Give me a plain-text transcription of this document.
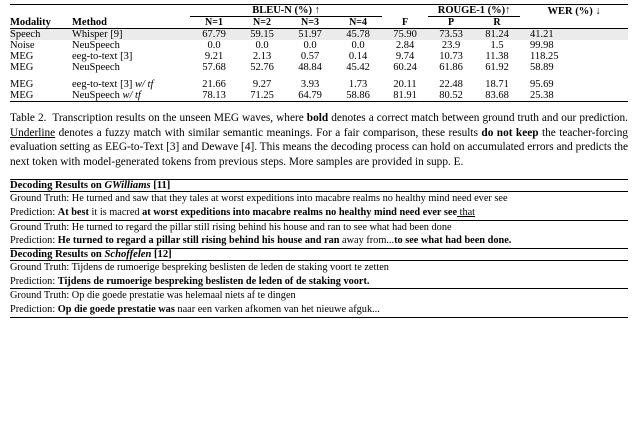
		BLEU-N (%) ↑					ROUGE-1 (%)↑		WER (%) ↓
Modality	Method	N=1	N=2	N=3	N=4	F	P	R	
Speech	Whisper [9]	67.79	59.15	51.97	45.78	75.90	73.53	81.24	41.21
Noise	NeuSpeech	0.0	0.0	0.0	0.0	2.84	23.9	1.5	99.98
MEG	eeg-to-text [3]	9.21	2.13	0.57	0.14	9.74	10.73	11.38	118.25
MEG	NeuSpeech	57.68	52.76	48.84	45.42	60.24	61.86	61.92	58.89

MEG	eeg-to-text [3] w/ tf	21.66	9.27	3.93	1.73	20.11	22.48	18.71	95.69
MEG	NeuSpeech w/ tf	78.13	71.25	64.79	58.86	81.91	80.52	83.68	25.38
Table 2. Transcription results on the unseen MEG waves, where bold denotes a correct match between ground truth and our prediction. Underline denotes a fuzzy match with similar semantic meanings. For a fair comparison, these results do not keep the teacher-forcing evaluation setting as EEG-to-Text [3] and Dewave [4]. This means the decoding process can hold on accumulated errors and predicts the next token with model-generated tokens from previous steps. More samples are provided in supp. E.
Decoding Results on GWilliams [11]

Ground Truth: He turned and saw that they tales at worst expeditions into macabre realms no healthy mind need ever see
Prediction: At best it is macred at worst expeditions into macabre realms no healthy mind need ever see that

Ground Truth: He turned to regard the pillar still rising behind his house and ran to see what had been done
Prediction: He turned to regard a pillar still rising behind his house and ran away from...to see what had been done.

Decoding Results on Schoffelen [12]

Ground Truth: Tijdens de rumoerige bespreking beslisten de leden de staking voort te zetten
Prediction: Tijdens de rumoerige bespreking beslisten de leden of de staking voort.

Ground Truth: Op die goede prestatie was helemaal niets af te dingen
Prediction: Op die goede prestatie was naar een varken afkomen van het nieuwe afguk...
